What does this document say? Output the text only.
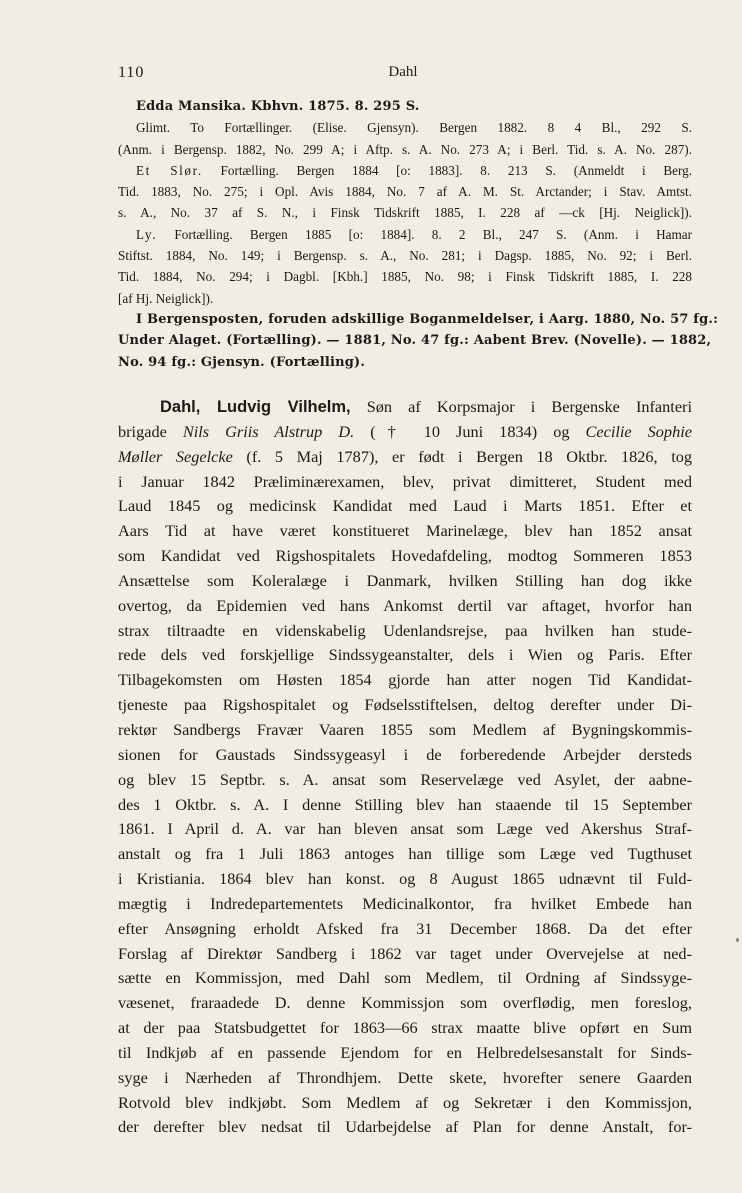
110	Dahl
Edda Mansika. Kbhvn. 1875. 8. 295 S.
Glimt. To Fortællinger. (Elise. Gjensyn). Bergen 1882. 8 4 Bl., 292 S.
(Anm. i Bergensp. 1882, No. 299 A; i Aftp. s. A. No. 273 A; i Berl. Tid. s. A. No. 287).
Et Slør. Fortælling. Bergen 1884 [o: 1883]. 8. 213 S. (Anmeldt i Berg.
Tid. 1883, No. 275; i Opl. Avis 1884, No. 7 af A. M. St. Arctander; i Stav. Amtst.
s. A., No. 37 af S. N., i Finsk Tidskrift 1885, I. 228 af —ck [Hj. Neiglick]).
Ly. Fortælling. Bergen 1885 [o: 1884]. 8. 2 Bl., 247 S. (Anm. i Hamar
Stiftst. 1884, No. 149; i Bergensp. s. A., No. 281; i Dagsp. 1885, No. 92; i Berl.
Tid. 1884, No. 294; i Dagbl. [Kbh.] 1885, No. 98; i Finsk Tidskrift 1885, I. 228
[af Hj. Neiglick]).
I Bergensposten, foruden adskillige Boganmeldelser, i Aarg. 1880, No. 57 fg.:
Under Alaget. (Fortælling). — 1881, No. 47 fg.: Aabent Brev. (Novelle). — 1882,
No. 94 fg.: Gjensyn. (Fortælling).
Dahl, Ludvig Vilhelm, Søn af Korpsmajor i Bergenske Infanteri
brigade Nils Griis Alstrup D. († 10 Juni 1834) og Cecilie Sophie
Møller Segelcke (f. 5 Maj 1787), er født i Bergen 18 Oktbr. 1826, tog
i Januar 1842 Præliminærexamen, blev, privat dimitteret, Student med
Laud 1845 og medicinsk Kandidat med Laud i Marts 1851. Efter et
Aars Tid at have været konstitueret Marinelæge, blev han 1852 ansat
som Kandidat ved Rigshospitalets Hovedafdeling, modtog Sommeren 1853
Ansættelse som Koleralæge i Danmark, hvilken Stilling han dog ikke
overtog, da Epidemien ved hans Ankomst dertil var aftaget, hvorfor han
strax tiltraadte en videnskabelig Udenlandsrejse, paa hvilken han stude-
rede dels ved forskjellige Sindssygeanstalter, dels i Wien og Paris. Efter
Tilbagekomsten om Høsten 1854 gjorde han atter nogen Tid Kandidat-
tjeneste paa Rigshospitalet og Fødselsstiftelsen, deltog derefter under Di-
rektør Sandbergs Fravær Vaaren 1855 som Medlem af Bygningskommis-
sionen for Gaustads Sindssygeasyl i de forberedende Arbejder dersteds
og blev 15 Septbr. s. A. ansat som Reservelæge ved Asylet, der aabne-
des 1 Oktbr. s. A. I denne Stilling blev han staaende til 15 September
1861. I April d. A. var han bleven ansat som Læge ved Akershus Straf-
anstalt og fra 1 Juli 1863 antoges han tillige som Læge ved Tugthuset
i Kristiania. 1864 blev han konst. og 8 August 1865 udnævnt til Fuld-
mægtig i Indredepartementets Medicinalkontor, fra hvilket Embede han
efter Ansøgning erholdt Afsked fra 31 December 1868. Da det efter
Forslag af Direktør Sandberg i 1862 var taget under Overvejelse at ned-
sætte en Kommissjon, med Dahl som Medlem, til Ordning af Sindssyge-
væsenet, fraraadede D. denne Kommissjon som overflødig, men foreslog,
at der paa Statsbudgettet for 1863—66 strax maatte blive opført en Sum
til Indkjøb af en passende Ejendom for en Helbredelsesanstalt for Sinds-
syge i Nærheden af Throndhjem. Dette skete, hvorefter senere Gaarden
Rotvold blev indkjøbt. Som Medlem af og Sekretær i den Kommissjon,
der derefter blev nedsat til Udarbejdelse af Plan for denne Anstalt, for-
